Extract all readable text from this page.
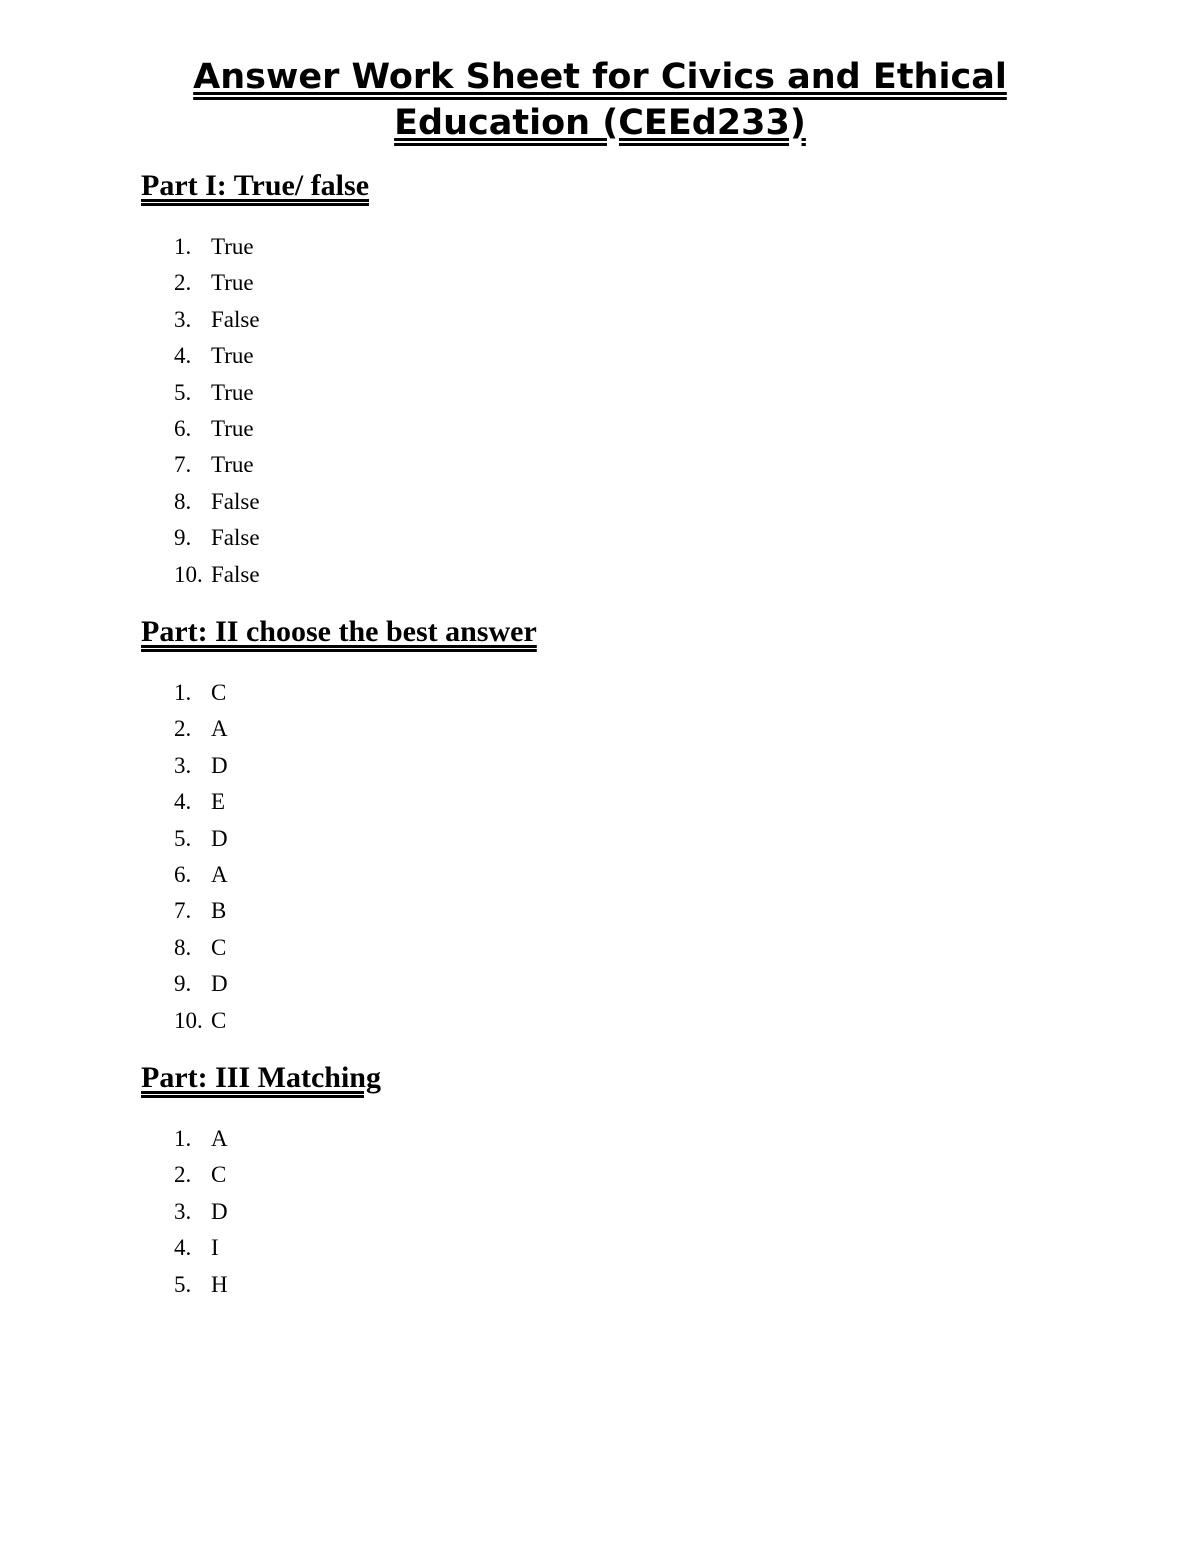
Answer Work Sheet for Civics and Ethical
Education (CEEd233)
Part I: True/ false
1. True
2. True
3. False
4. True
5. True
6. True
7. True
8. False
9. False
10. False
Part: II choose the best answer
1. C
2. A
3. D
4. E
5. D
6. A
7. B
8. C
9. D
10. C
Part: III Matching
1. A
2. C
3. D
4. I
5. H
